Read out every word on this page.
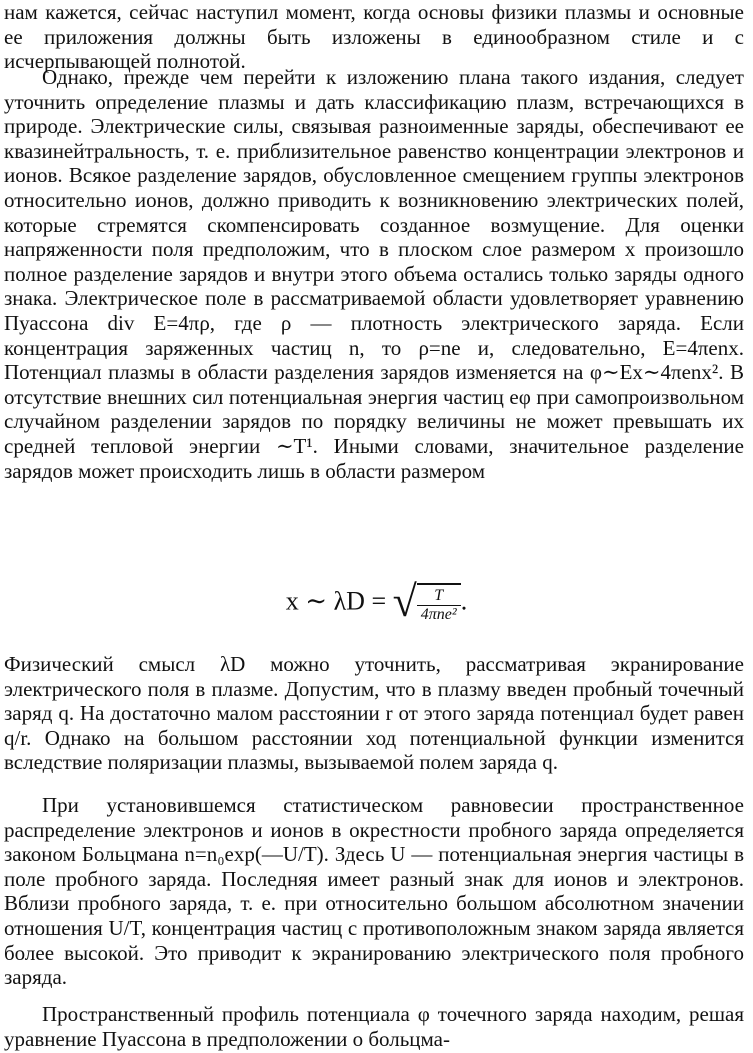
нам кажется, сейчас наступил момент, когда основы физики плазмы и основные ее приложения должны быть изложены в единообразном стиле и с исчерпывающей полнотой.

Однако, прежде чем перейти к изложению плана такого издания, следует уточнить определение плазмы и дать классификацию плазм, встречающихся в природе. Электрические силы, связывая разноименные заряды, обеспечивают ее квазинейтральность, т. е. приблизительное равенство концентрации электронов и ионов. Всякое разделение зарядов, обусловленное смещением группы электронов относительно ионов, должно приводить к возникновению электрических полей, которые стремятся скомпенсировать созданное возмущение. Для оценки напряженности поля предположим, что в плоском слое размером x произошло полное разделение зарядов и внутри этого объема остались только заряды одного знака. Электрическое поле в рассматриваемой области удовлетворяет уравнению Пуассона div E=4πρ, где ρ — плотность электрического заряда. Если концентрация заряженных частиц n, то ρ=ne и, следовательно, E=4πenx. Потенциал плазмы в области разделения зарядов изменяется на φ∼Ex∼4πenx². В отсутствие внешних сил потенциальная энергия частиц eφ при самопроизвольном случайном разделении зарядов по порядку величины не может превышать их средней тепловой энергии ∼T¹. Иными словами, значительное разделение зарядов может происходить лишь в области размером

x ∼ λD = √ $\frac{T}{\text{4πne²}}$ .

Физический смысл λD можно уточнить, рассматривая экранирование электрического поля в плазме. Допустим, что в плазму введен пробный точечный заряд q. На достаточно малом расстоянии r от этого заряда потенциал будет равен q/r. Однако на большом расстоянии ход потенциальной функции изменится вследствие поляризации плазмы, вызываемой полем заряда q.

При установившемся статистическом равновесии пространственное распределение электронов и ионов в окрестности пробного заряда определяется законом Больцмана n=n₀exp(—U/T). Здесь U — потенциальная энергия частицы в поле пробного заряда. Последняя имеет разный знак для ионов и электронов. Вблизи пробного заряда, т. е. при относительно большом абсолютном значении отношения U/T, концентрация частиц с противоположным знаком заряда является более высокой. Это приводит к экранированию электрического поля пробного заряда.

Пространственный профиль потенциала φ точечного заряда находим, решая уравнение Пуассона в предположении о больцма-
